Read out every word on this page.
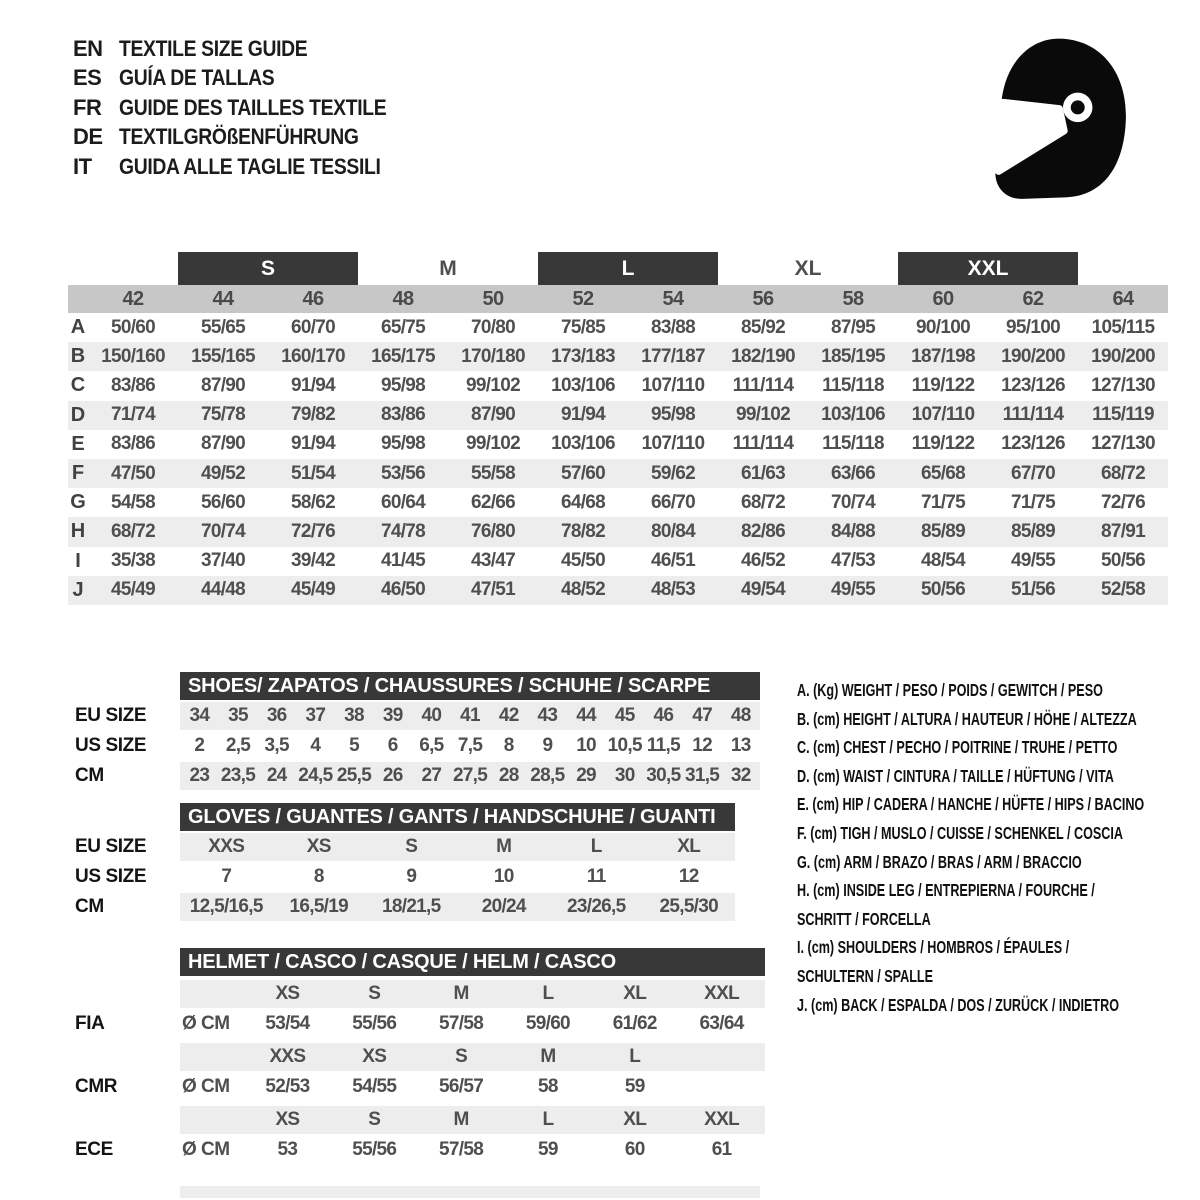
EN TEXTILE SIZE GUIDE
ES GUÍA DE TALLAS
FR GUIDE DES TAILLES TEXTILE
DE TEXTILGRÖßENFÜHRUNG
IT	GUIDA ALLE TAGLIE TESSILI
S	M	L	XL	XXL
42	44	46	48	50	52	54	56	58	60	62	64
A	50/60	55/65	60/70	65/75	70/80	75/85	83/88	85/92	87/95	90/100	95/100	105/115
B 150/160	155/165	160/170	165/175	170/180	173/183	177/187	182/190	185/195	187/198	190/200	190/200
C	83/86	87/90	91/94	95/98	99/102	103/106	107/110	111/114	115/118	119/122	123/126	127/130
D	71/74	75/78	79/82	83/86	87/90	91/94	95/98	99/102	103/106	107/110	111/114	115/119
E	83/86	87/90	91/94	95/98	99/102	103/106	107/110	111/114	115/118	119/122	123/126	127/130
F	47/50	49/52	51/54	53/56	55/58	57/60	59/62	61/63	63/66	65/68	67/70	68/72
G	54/58	56/60	58/62	60/64	62/66	64/68	66/70	68/72	70/74	71/75	71/75	72/76
H	68/72	70/74	72/76	74/78	76/80	78/82	80/84	82/86	84/88	85/89	85/89	87/91
I	35/38	37/40	39/42	41/45	43/47	45/50	46/51	46/52	47/53	48/54	49/55	50/56
J	45/49	44/48	45/49	46/50	47/51	48/52	48/53	49/54	49/55	50/56	51/56	52/58
SHOES/ ZAPATOS / CHAUSSURES / SCHUHE / SCARPE
EU SIZE	34 35 36 37 38 39 40 41 42 43 44 45 46 47 48
US SIZE	2	2,5 3,5	4	5	6	6,5 7,5	8	9	10 10,5 11,5 12 13
CM	23 23,5 24 24,5 25,5 26 27 27,5 28 28,5 29 30 30,5 31,5 32
GLOVES / GUANTES / GANTS / HANDSCHUHE / GUANTI
EU SIZE	XXS	XS	S	M	L	XL
US SIZE	7	8	9	10	11	12
CM	12,5/16,5	16,5/19	18/21,5	20/24	23/26,5	25,5/30
HELMET / CASCO / CASQUE / HELM / CASCO
XS	S	M	L	XL	XXL
FIA	Ø CM	53/54	55/56	57/58	59/60	61/62	63/64
XXS	XS	S	M	L
CMR	Ø CM	52/53	54/55	56/57	58	59
XS	S	M	L	XL	XXL
ECE	Ø CM	53	55/56	57/58	59	60	61
A. (Kg) WEIGHT / PESO / POIDS / GEWITCH / PESO
B. (cm) HEIGHT / ALTURA / HAUTEUR / HÖHE / ALTEZZA
C. (cm) CHEST / PECHO / POITRINE / TRUHE / PETTO
D. (cm) WAIST / CINTURA / TAILLE / HÜFTUNG / VITA
E. (cm) HIP / CADERA / HANCHE / HÜFTE / HIPS / BACINO
F. (cm) TIGH / MUSLO / CUISSE / SCHENKEL / COSCIA
G. (cm) ARM / BRAZO / BRAS / ARM / BRACCIO
H. (cm) INSIDE LEG / ENTREPIERNA / FOURCHE /
SCHRITT / FORCELLA
I. (cm) SHOULDERS / HOMBROS / ÉPAULES /
SCHULTERN / SPALLE
J. (cm) BACK / ESPALDA / DOS / ZURÜCK / INDIETRO
